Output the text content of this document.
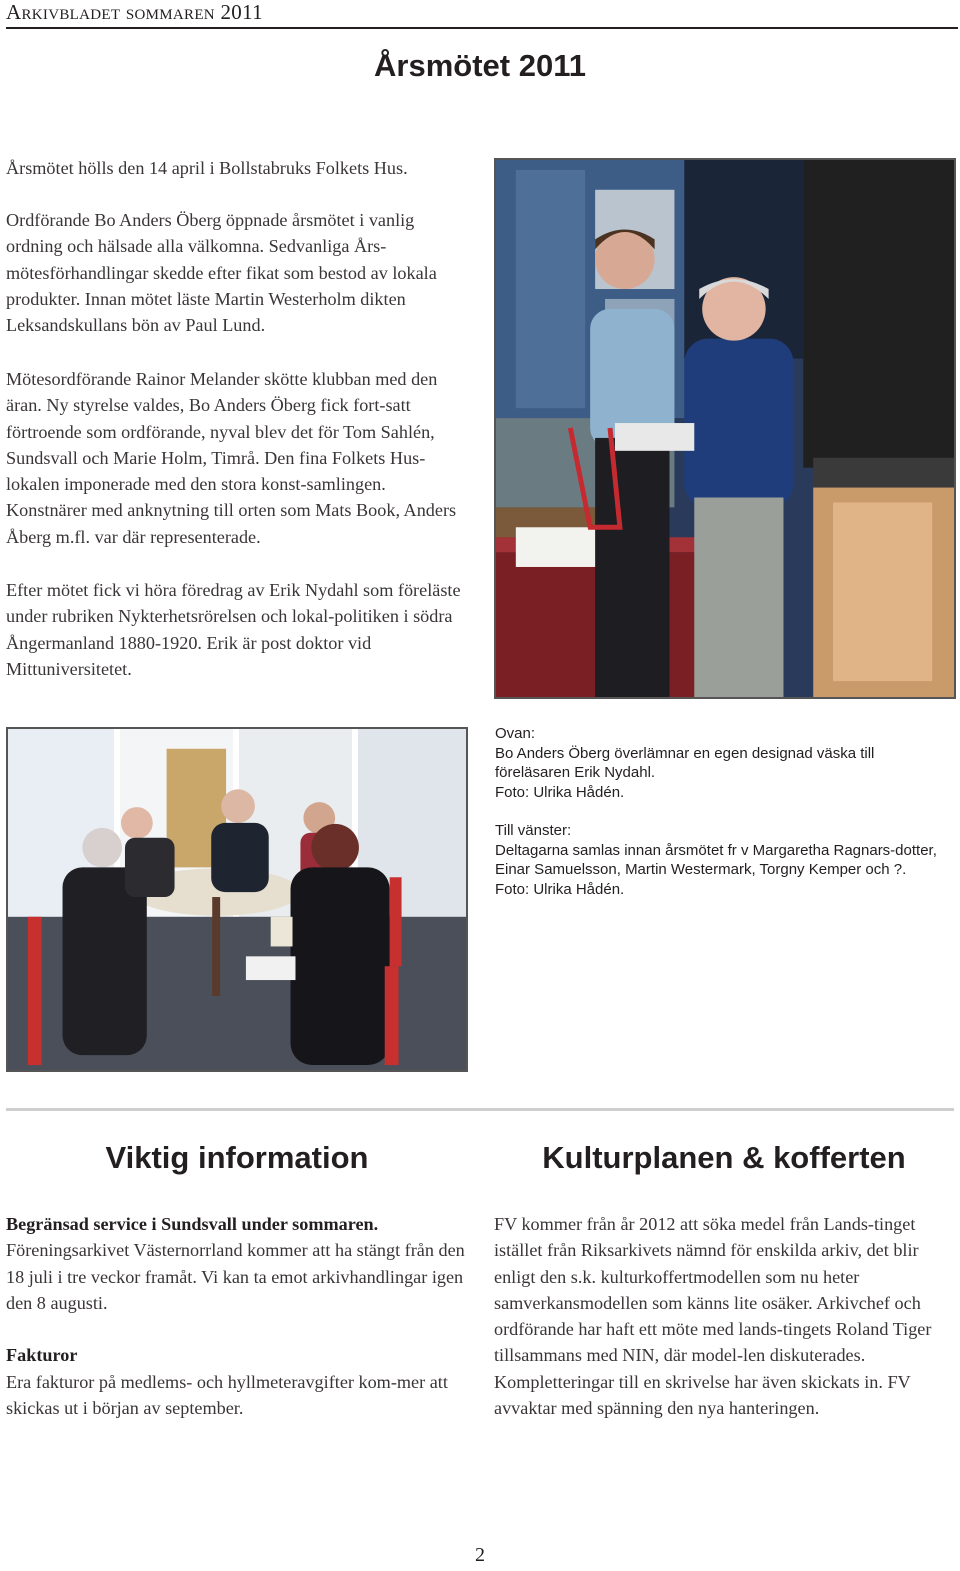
Arkivbladet sommaren 2011
Årsmötet 2011

Årsmötet hölls den 14 april i Bollstabruks Folkets Hus.

Ordförande Bo Anders Öberg öppnade årsmötet i vanlig ordning och hälsade alla välkomna. Sedvanliga Års-mötesförhandlingar skedde efter fikat som bestod av lokala produkter. Innan mötet läste Martin Westerholm dikten Leksandskullans bön av Paul Lund.

Mötesordförande Rainor Melander skötte klubban med den äran. Ny styrelse valdes, Bo Anders Öberg fick fort-satt förtroende som ordförande, nyval blev det för Tom Sahlén, Sundsvall och Marie Holm, Timrå. Den fina Folkets Hus-lokalen imponerade med den stora konst-samlingen. Konstnärer med anknytning till orten som Mats Book, Anders Åberg m.fl. var där representerade.

Efter mötet fick vi höra föredrag av Erik Nydahl som föreläste under rubriken Nykterhetsrörelsen och lokal-politiken i södra Ångermanland 1880-1920. Erik är post doktor vid Mittuniversitetet.

Ovan:

Bo Anders Öberg överlämnar en egen designad väska till föreläsaren Erik Nydahl.

Foto: Ulrika Hådén.

Till vänster:

Deltagarna samlas innan årsmötet fr v Margaretha Ragnars-dotter, Einar Samuelsson, Martin Westermark, Torgny Kemper och ?.

Foto: Ulrika Hådén.

Viktig information	Kulturplanen & kofferten

Begränsad service i Sundsvall under sommaren.

Föreningsarkivet Västernorrland kommer att ha stängt från den 18 juli i tre veckor framåt. Vi kan ta emot arkivhandlingar igen den 8 augusti.

Fakturor

Era fakturor på medlems- och hyllmeteravgifter kom-mer att skickas ut i början av september.

FV kommer från år 2012 att söka medel från Lands-tinget istället från Riksarkivets nämnd för enskilda arkiv, det blir enligt den s.k. kulturkoffertmodellen som nu heter samverkansmodellen som känns lite osäker. Arkivchef och ordförande har haft ett möte med lands-tingets Roland Tiger tillsammans med NIN, där model-len diskuterades. Kompletteringar till en skrivelse har även skickats in. FV avvaktar med spänning den nya hanteringen.

2
